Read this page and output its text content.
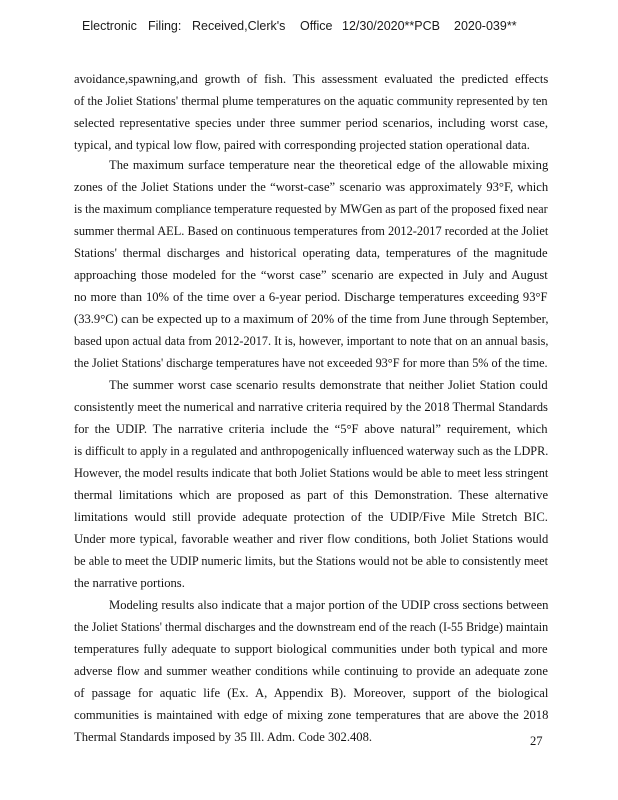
Electronic Filing: Received,Clerk's Office 12/30/2020**PCB 2020-039**
avoidance,spawning,and growth of fish. This assessment evaluated the predicted effects
of the Joliet Stations' thermal plume temperatures on the aquatic community represented by ten
selected representative species under three summer period scenarios, including worst case,
typical, and typical low flow, paired with corresponding projected station operational data.
The maximum surface temperature near the theoretical edge of the allowable mixing
zones of the Joliet Stations under the “worst-case” scenario was approximately 93°F, which
is the maximum compliance temperature requested by MWGen as part of the proposed fixed near
summer thermal AEL. Based on continuous temperatures from 2012-2017 recorded at the Joliet
Stations' thermal discharges and historical operating data, temperatures of the magnitude
approaching those modeled for the “worst case” scenario are expected in July and August
no more than 10% of the time over a 6-year period. Discharge temperatures exceeding 93°F
(33.9°C) can be expected up to a maximum of 20% of the time from June through September,
based upon actual data from 2012-2017. It is, however, important to note that on an annual basis,
the Joliet Stations' discharge temperatures have not exceeded 93°F for more than 5% of the time.
The summer worst case scenario results demonstrate that neither Joliet Station could
consistently meet the numerical and narrative criteria required by the 2018 Thermal Standards
for the UDIP. The narrative criteria include the “5°F above natural” requirement, which
is difficult to apply in a regulated and anthropogenically influenced waterway such as the LDPR.
However, the model results indicate that both Joliet Stations would be able to meet less stringent
thermal limitations which are proposed as part of this Demonstration. These alternative
limitations would still provide adequate protection of the UDIP/Five Mile Stretch BIC.
Under more typical, favorable weather and river flow conditions, both Joliet Stations would
be able to meet the UDIP numeric limits, but the Stations would not be able to consistently meet
the narrative portions.
Modeling results also indicate that a major portion of the UDIP cross sections between
the Joliet Stations' thermal discharges and the downstream end of the reach (I-55 Bridge) maintain
temperatures fully adequate to support biological communities under both typical and more
adverse flow and summer weather conditions while continuing to provide an adequate zone
of passage for aquatic life (Ex. A, Appendix B). Moreover, support of the biological
communities is maintained with edge of mixing zone temperatures that are above the 2018
Thermal Standards imposed by 35 Ill. Adm. Code 302.408.	27
